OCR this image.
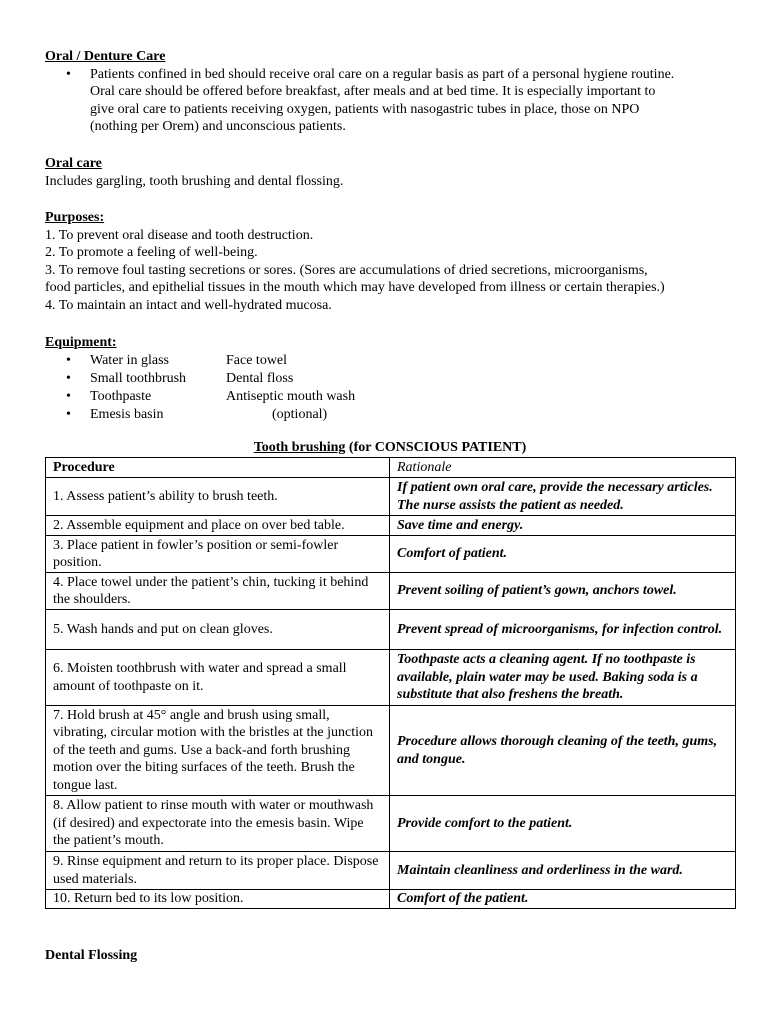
Oral / Denture Care
• Patients confined in bed should receive oral care on a regular basis as part of a personal hygiene routine.
Oral care should be offered before breakfast, after meals and at bed time. It is especially important to
give oral care to patients receiving oxygen, patients with nasogastric tubes in place, those on NPO
(nothing per Orem) and unconscious patients.
Oral care
Includes gargling, tooth brushing and dental flossing.
Purposes:
1. To prevent oral disease and tooth destruction.
2. To promote a feeling of well-being.
3. To remove foul tasting secretions or sores. (Sores are accumulations of dried secretions, microorganisms,
food particles, and epithelial tissues in the mouth which may have developed from illness or certain therapies.)
4. To maintain an intact and well-hydrated mucosa.
Equipment:
• Water in glass	Face towel
• Small toothbrush	Dental floss
• Toothpaste	Antiseptic mouth wash
• Emesis basin	(optional)
Tooth brushing (for CONSCIOUS PATIENT)
Procedure	Rationale
1. Assess patient’s ability to brush teeth.	If patient own oral care, provide the necessary articles. The nurse assists the patient as needed.
2. Assemble equipment and place on over bed table.	Save time and energy.
3. Place patient in fowler’s position or semi-fowler position.	Comfort of patient.
4. Place towel under the patient’s chin, tucking it behind the shoulders.	Prevent soiling of patient’s gown, anchors towel.
5. Wash hands and put on clean gloves.	Prevent spread of microorganisms, for infection control.
6. Moisten toothbrush with water and spread a small amount of toothpaste on it.	Toothpaste acts a cleaning agent. If no toothpaste is available, plain water may be used. Baking soda is a substitute that also freshens the breath.
7. Hold brush at 45° angle and brush using small, vibrating, circular motion with the bristles at the junction of the teeth and gums. Use a back-and forth brushing motion over the biting surfaces of the teeth. Brush the tongue last.	Procedure allows thorough cleaning of the teeth, gums, and tongue.
8. Allow patient to rinse mouth with water or mouthwash (if desired) and expectorate into the emesis basin. Wipe the patient’s mouth.	Provide comfort to the patient.
9. Rinse equipment and return to its proper place. Dispose used materials.	Maintain cleanliness and orderliness in the ward.
10. Return bed to its low position.	Comfort of the patient.
Dental Flossing
